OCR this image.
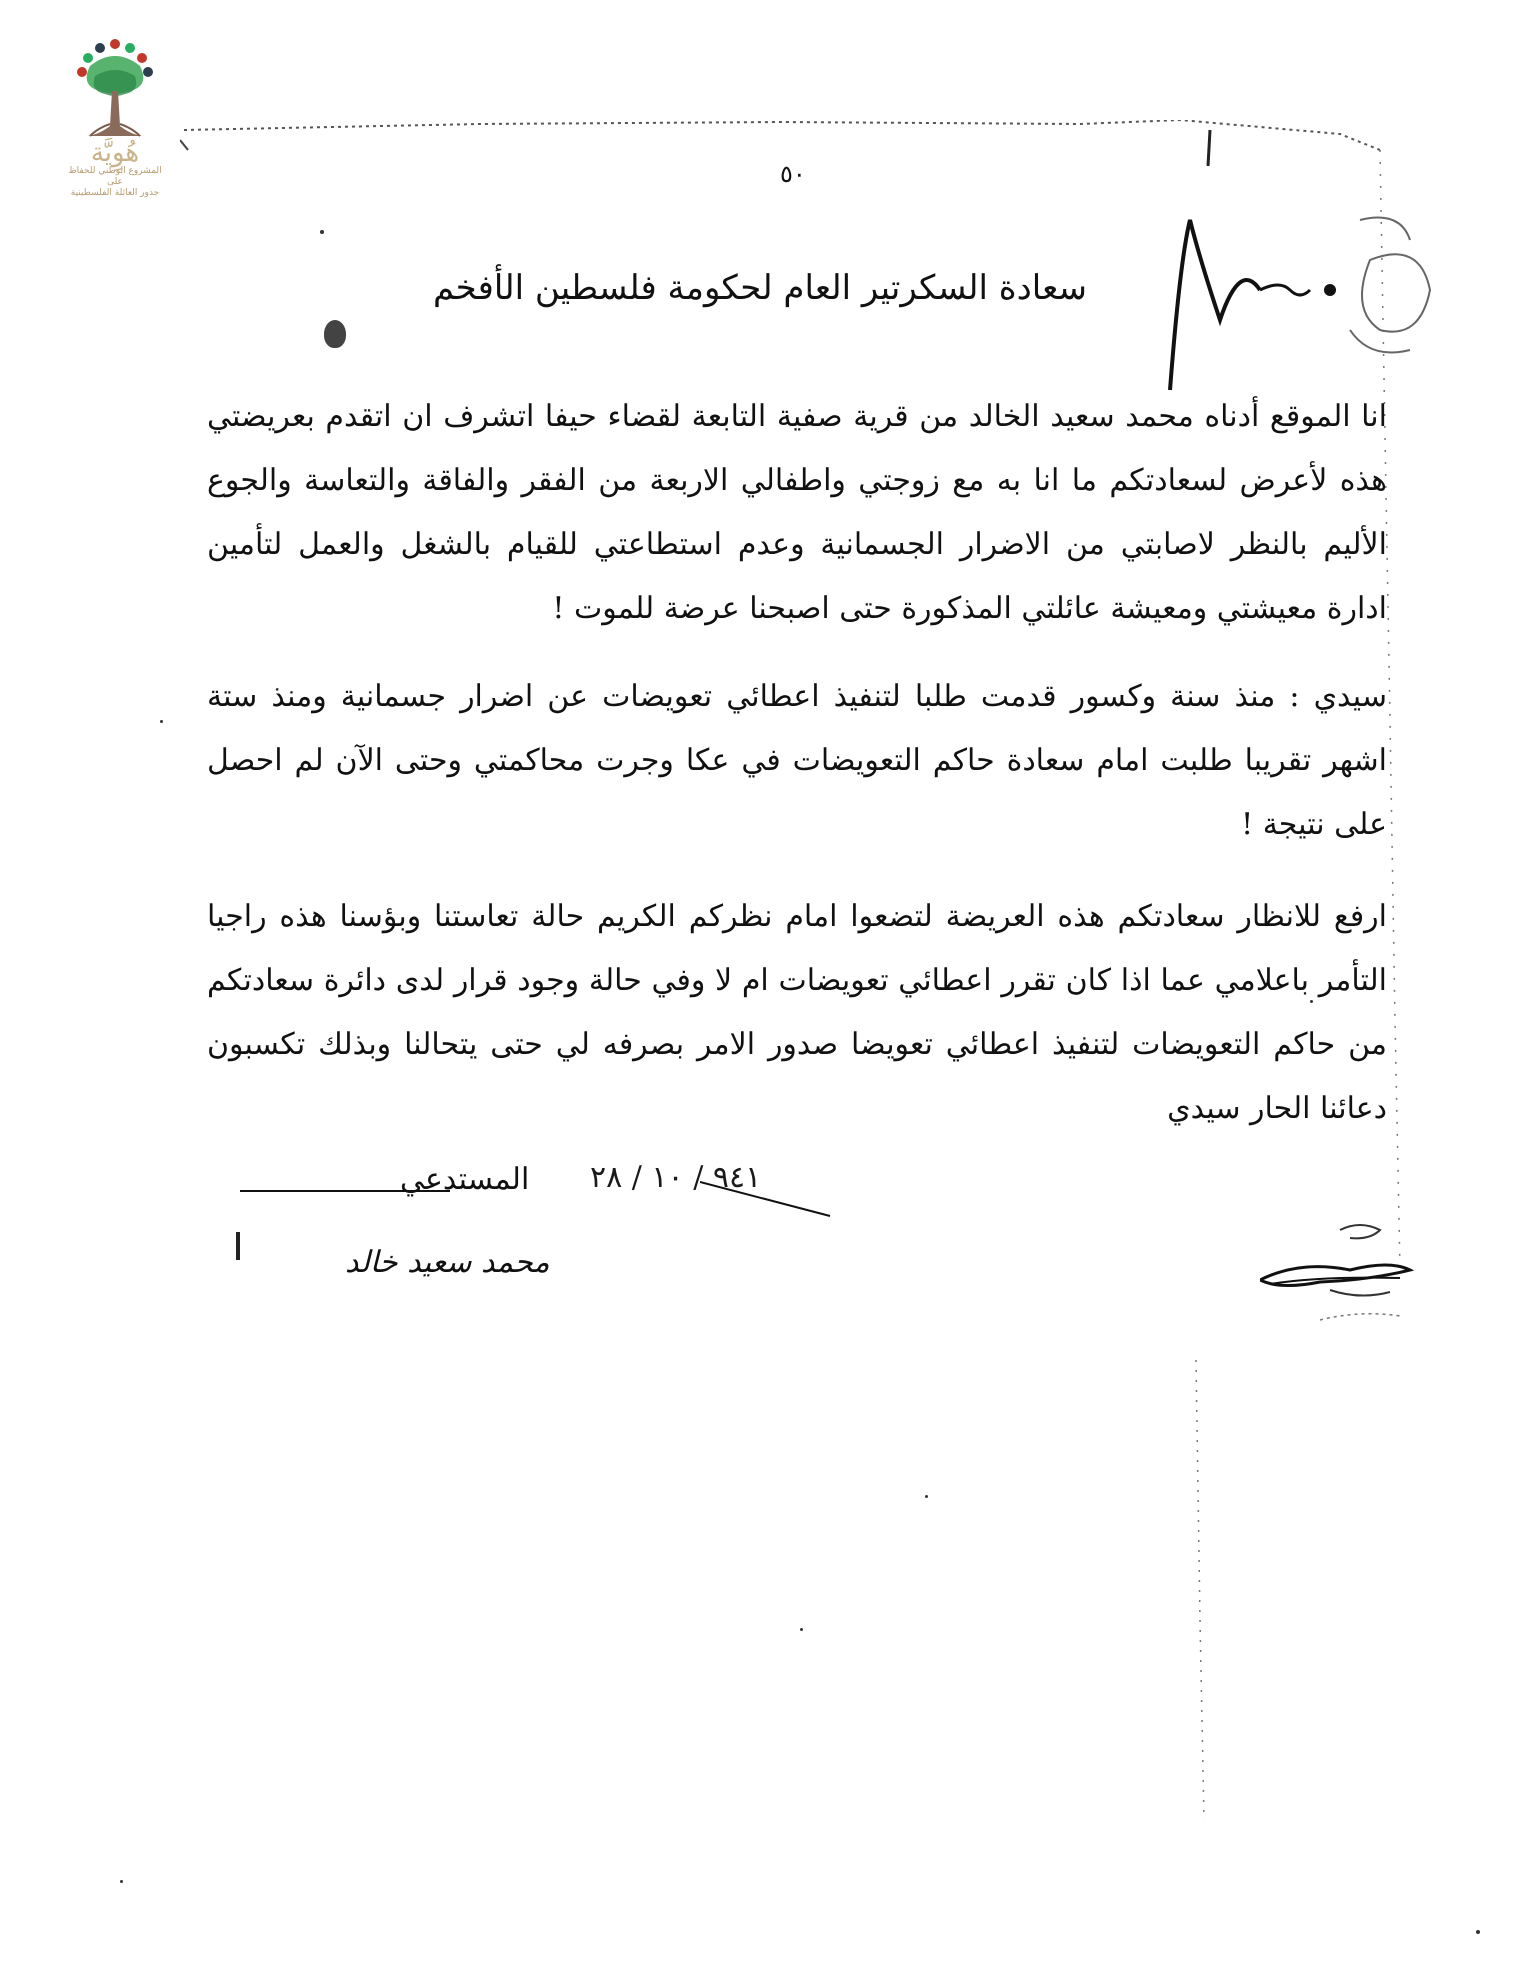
هُوِيَّة
المشروع الوطني للحفاظ على
جذور العائلة الفلسطينية
٥٠
سعادة السكرتير العام لحكومة فلسطين الأفخم
انا الموقع أدناه محمد سعيد الخالد من قرية صفية التابعة لقضاء حيفا اتشرف ان اتقدم بعريضتي هذه لأعرض لسعادتكم ما انا به مع زوجتي واطفالي الاربعة من الفقر والفاقة والتعاسة والجوع الأليم بالنظر لاصابتي من الاضرار الجسمانية وعدم استطاعتي للقيام بالشغل والعمل لتأمين ادارة معيشتي ومعيشة عائلتي المذكورة حتى اصبحنا عرضة للموت !
سيدي : منذ سنة وكسور قدمت طلبا لتنفيذ اعطائي تعويضات عن اضرار جسمانية ومنذ ستة اشهر تقريبا طلبت امام سعادة حاكم التعويضات في عكا وجرت محاكمتي وحتى الآن لم احصل على نتيجة !
ارفع للانظار سعادتكم هذه العريضة لتضعوا امام نظركم الكريم حالة تعاستنا وبؤسنا هذه راجيا التأمر باعلامي عما اذا كان تقرر اعطائي تعويضات ام لا وفي حالة وجود قرار لدى دائرة سعادتكم من حاكم التعويضات لتنفيذ اعطائي تعويضا صدور الامر بصرفه لي حتى يتحالنا وبذلك تكسبون دعائنا الحار سيدي
المستدعي ٩٤١ / ١٠ / ٢٨
محمد سعيد خالد
